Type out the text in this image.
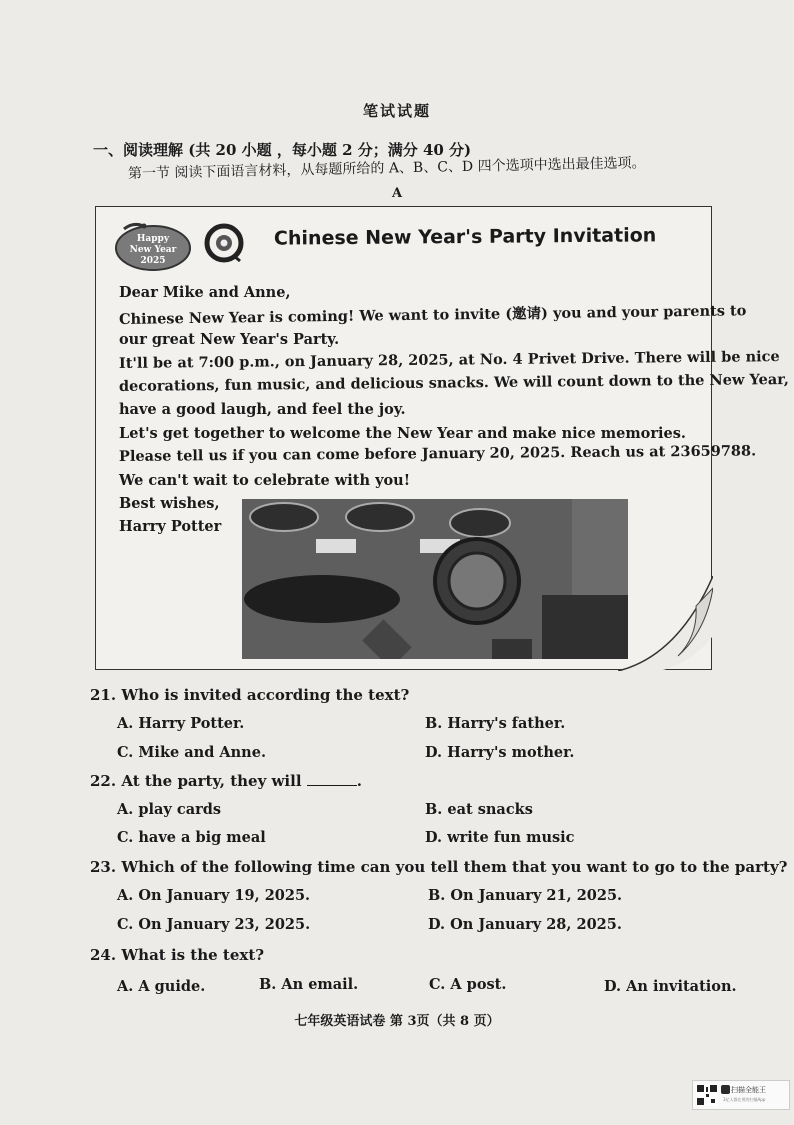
笔试试题
一、阅读理解 (共 20 小题 ，每小题 2 分；满分 40 分)
第一节 阅读下面语言材料，从每题所给的 A、B、C、D 四个选项中选出最佳选项。
A
Happy
New Year
2025
Chinese New Year's Party Invitation
Dear Mike and Anne,
Chinese New Year is coming! We want to invite (邀请) you and your parents to
our great New Year's Party.
It'll be at 7:00 p.m., on January 28, 2025, at No. 4 Privet Drive. There will be nice
decorations, fun music, and delicious snacks. We will count down to the New Year,
have a good laugh, and feel the joy.
Let's get together to welcome the New Year and make nice memories.
Please tell us if you can come before January 20, 2025. Reach us at 23659788.
We can't wait to celebrate with you!
Best wishes,
Harry Potter
21. Who is invited according the text?
A. Harry Potter.	B. Harry's father.
C. Mike and Anne.	D. Harry's mother.
22. At the party, they will	.
A. play cards	B. eat snacks
C. have a big meal	D. write fun music
23. Which of the following time can you tell them that you want to go to the party?
A. On January 19, 2025.	B. On January 21, 2025.
C. On January 23, 2025.	D. On January 28, 2025.
24. What is the text?
A. A guide.	B. An email.	C. A post.	D. An invitation.
七年级英语试卷 第 3页（共 8 页）
扫描全能王
3亿人都在用的扫描App
